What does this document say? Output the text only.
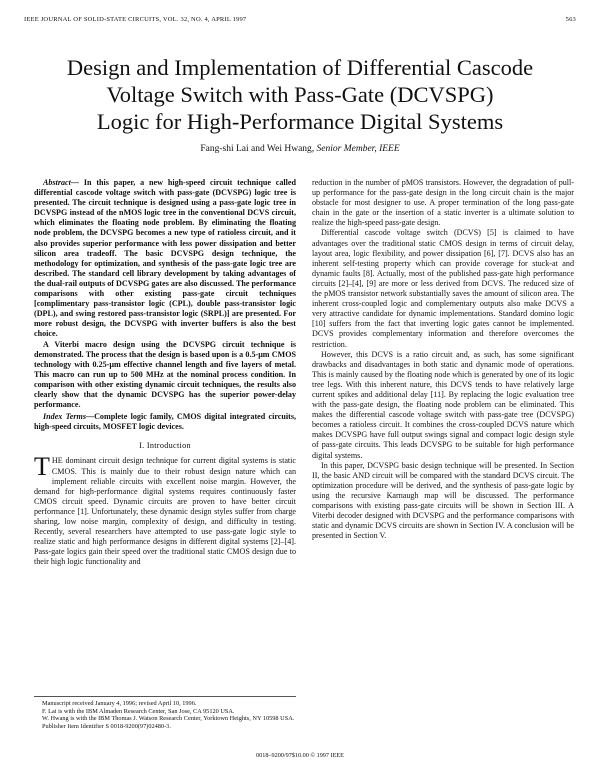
IEEE JOURNAL OF SOLID-STATE CIRCUITS, VOL. 32, NO. 4, APRIL 1997	563
Design and Implementation of Differential Cascode
Voltage Switch with Pass-Gate (DCVSPG)
Logic for High-Performance Digital Systems
Fang-shi Lai and Wei Hwang, Senior Member, IEEE

Abstract— In this paper, a new high-speed circuit technique called differential cascode voltage switch with pass-gate (DCVSPG) logic tree is presented. The circuit technique is designed using a pass-gate logic tree in DCVSPG instead of the nMOS logic tree in the conventional DCVS circuit, which eliminates the floating node problem. By eliminating the floating node problem, the DCVSPG becomes a new type of ratioless circuit, and it also provides superior performance with less power dissipation and better silicon area tradeoff. The basic DCVSPG design technique, the methodology for optimization, and synthesis of the pass-gate logic tree are described. The standard cell library development by taking advantages of the dual-rail outputs of DCVSPG gates are also discussed. The performance comparisons with other existing pass-gate circuit techniques [complimentary pass-transistor logic (CPL), double pass-transistor logic (DPL), and swing restored pass-transistor logic (SRPL)] are presented. For more robust design, the DCVSPG with inverter buffers is also the best choice.

A Viterbi macro design using the DCVSPG circuit technique is demonstrated. The process that the design is based upon is a 0.5-μm CMOS technology with 0.25-μm effective channel length and five layers of metal. This macro can run up to 500 MHz at the nominal process condition. In comparison with other existing dynamic circuit techniques, the results also clearly show that the dynamic DCVSPG has the superior power-delay performance.

Index Terms—Complete logic family, CMOS digital integrated circuits, high-speed circuits, MOSFET logic devices.

I. Introduction

THE dominant circuit design technique for current digital systems is static CMOS. This is mainly due to their robust design nature which can implement reliable circuits with excellent noise margin. However, the demand for high-performance digital systems requires continuously faster CMOS circuit speed. Dynamic circuits are proven to have better circuit performance [1]. Unfortunately, these dynamic design styles suffer from charge sharing, low noise margin, complexity of design, and difficulty in testing. Recently, several researchers have attempted to use pass-gate logic style to realize static and high performance designs in different digital systems [2]–[4]. Pass-gate logics gain their speed over the traditional static CMOS design due to their high logic functionality and

reduction in the number of pMOS transistors. However, the degradation of pull-up performance for the pass-gate design in the long circuit chain is the major obstacle for most designer to use. A proper termination of the long pass-gate chain in the gate or the insertion of a static inverter is a ultimate solution to realize the high-speed pass-gate design.

Differential cascode voltage switch (DCVS) [5] is claimed to have advantages over the traditional static CMOS design in terms of circuit delay, layout area, logic flexibility, and power dissipation [6], [7]. DCVS also has an inherent self-testing property which can provide coverage for stuck-at and dynamic faults [8]. Actually, most of the published pass-gate high performance circuits [2]–[4], [9] are more or less derived from DCVS. The reduced size of the pMOS transistor network substantially saves the amount of silicon area. The inherent cross-coupled logic and complementary outputs also make DCVS a very attractive candidate for dynamic implementations. Standard domino logic [10] suffers from the fact that inverting logic gates cannot be implemented. DCVS provides complementary information and therefore overcomes the restriction.

However, this DCVS is a ratio circuit and, as such, has some significant drawbacks and disadvantages in both static and dynamic mode of operations. This is mainly caused by the floating node which is generated by one of its logic tree legs. With this inherent nature, this DCVS tends to have relatively large current spikes and additional delay [11]. By replacing the logic evaluation tree with the pass-gate design, the floating node problem can be eliminated. This makes the differential cascode voltage switch with pass-gate tree (DCVSPG) becomes a ratioless circuit. It combines the cross-coupled DCVS nature which makes DCVSPG have full output swings signal and compact logic design style of pass-gate circuits. This leads DCVSPG to be suitable for high performance digital systems.

In this paper, DCVSPG basic design technique will be presented. In Section II, the basic AND circuit will be compared with the standard DCVS circuit. The optimization procedure will be derived, and the synthesis of pass-gate logic by using the recursive Karnaugh map will be discussed. The performance comparisons with existing pass-gate circuits will be shown in Section III. A Viterbi decoder designed with DCVSPG and the performance comparisons with static and dynamic DCVS circuits are shown in Section IV. A conclusion will be presented in Section V.

Manuscript received January 4, 1996; revised April 10, 1996.
F. Lai is with the IBM Almaden Research Center, San Jose, CA 95120 USA.
W. Hwang is with the IBM Thomas J. Watson Research Center, Yorktown Heights, NY 10598 USA.
Publisher Item Identifier S 0018-9200(97)02480-3.
0018–9200/97$10.00 © 1997 IEEE
